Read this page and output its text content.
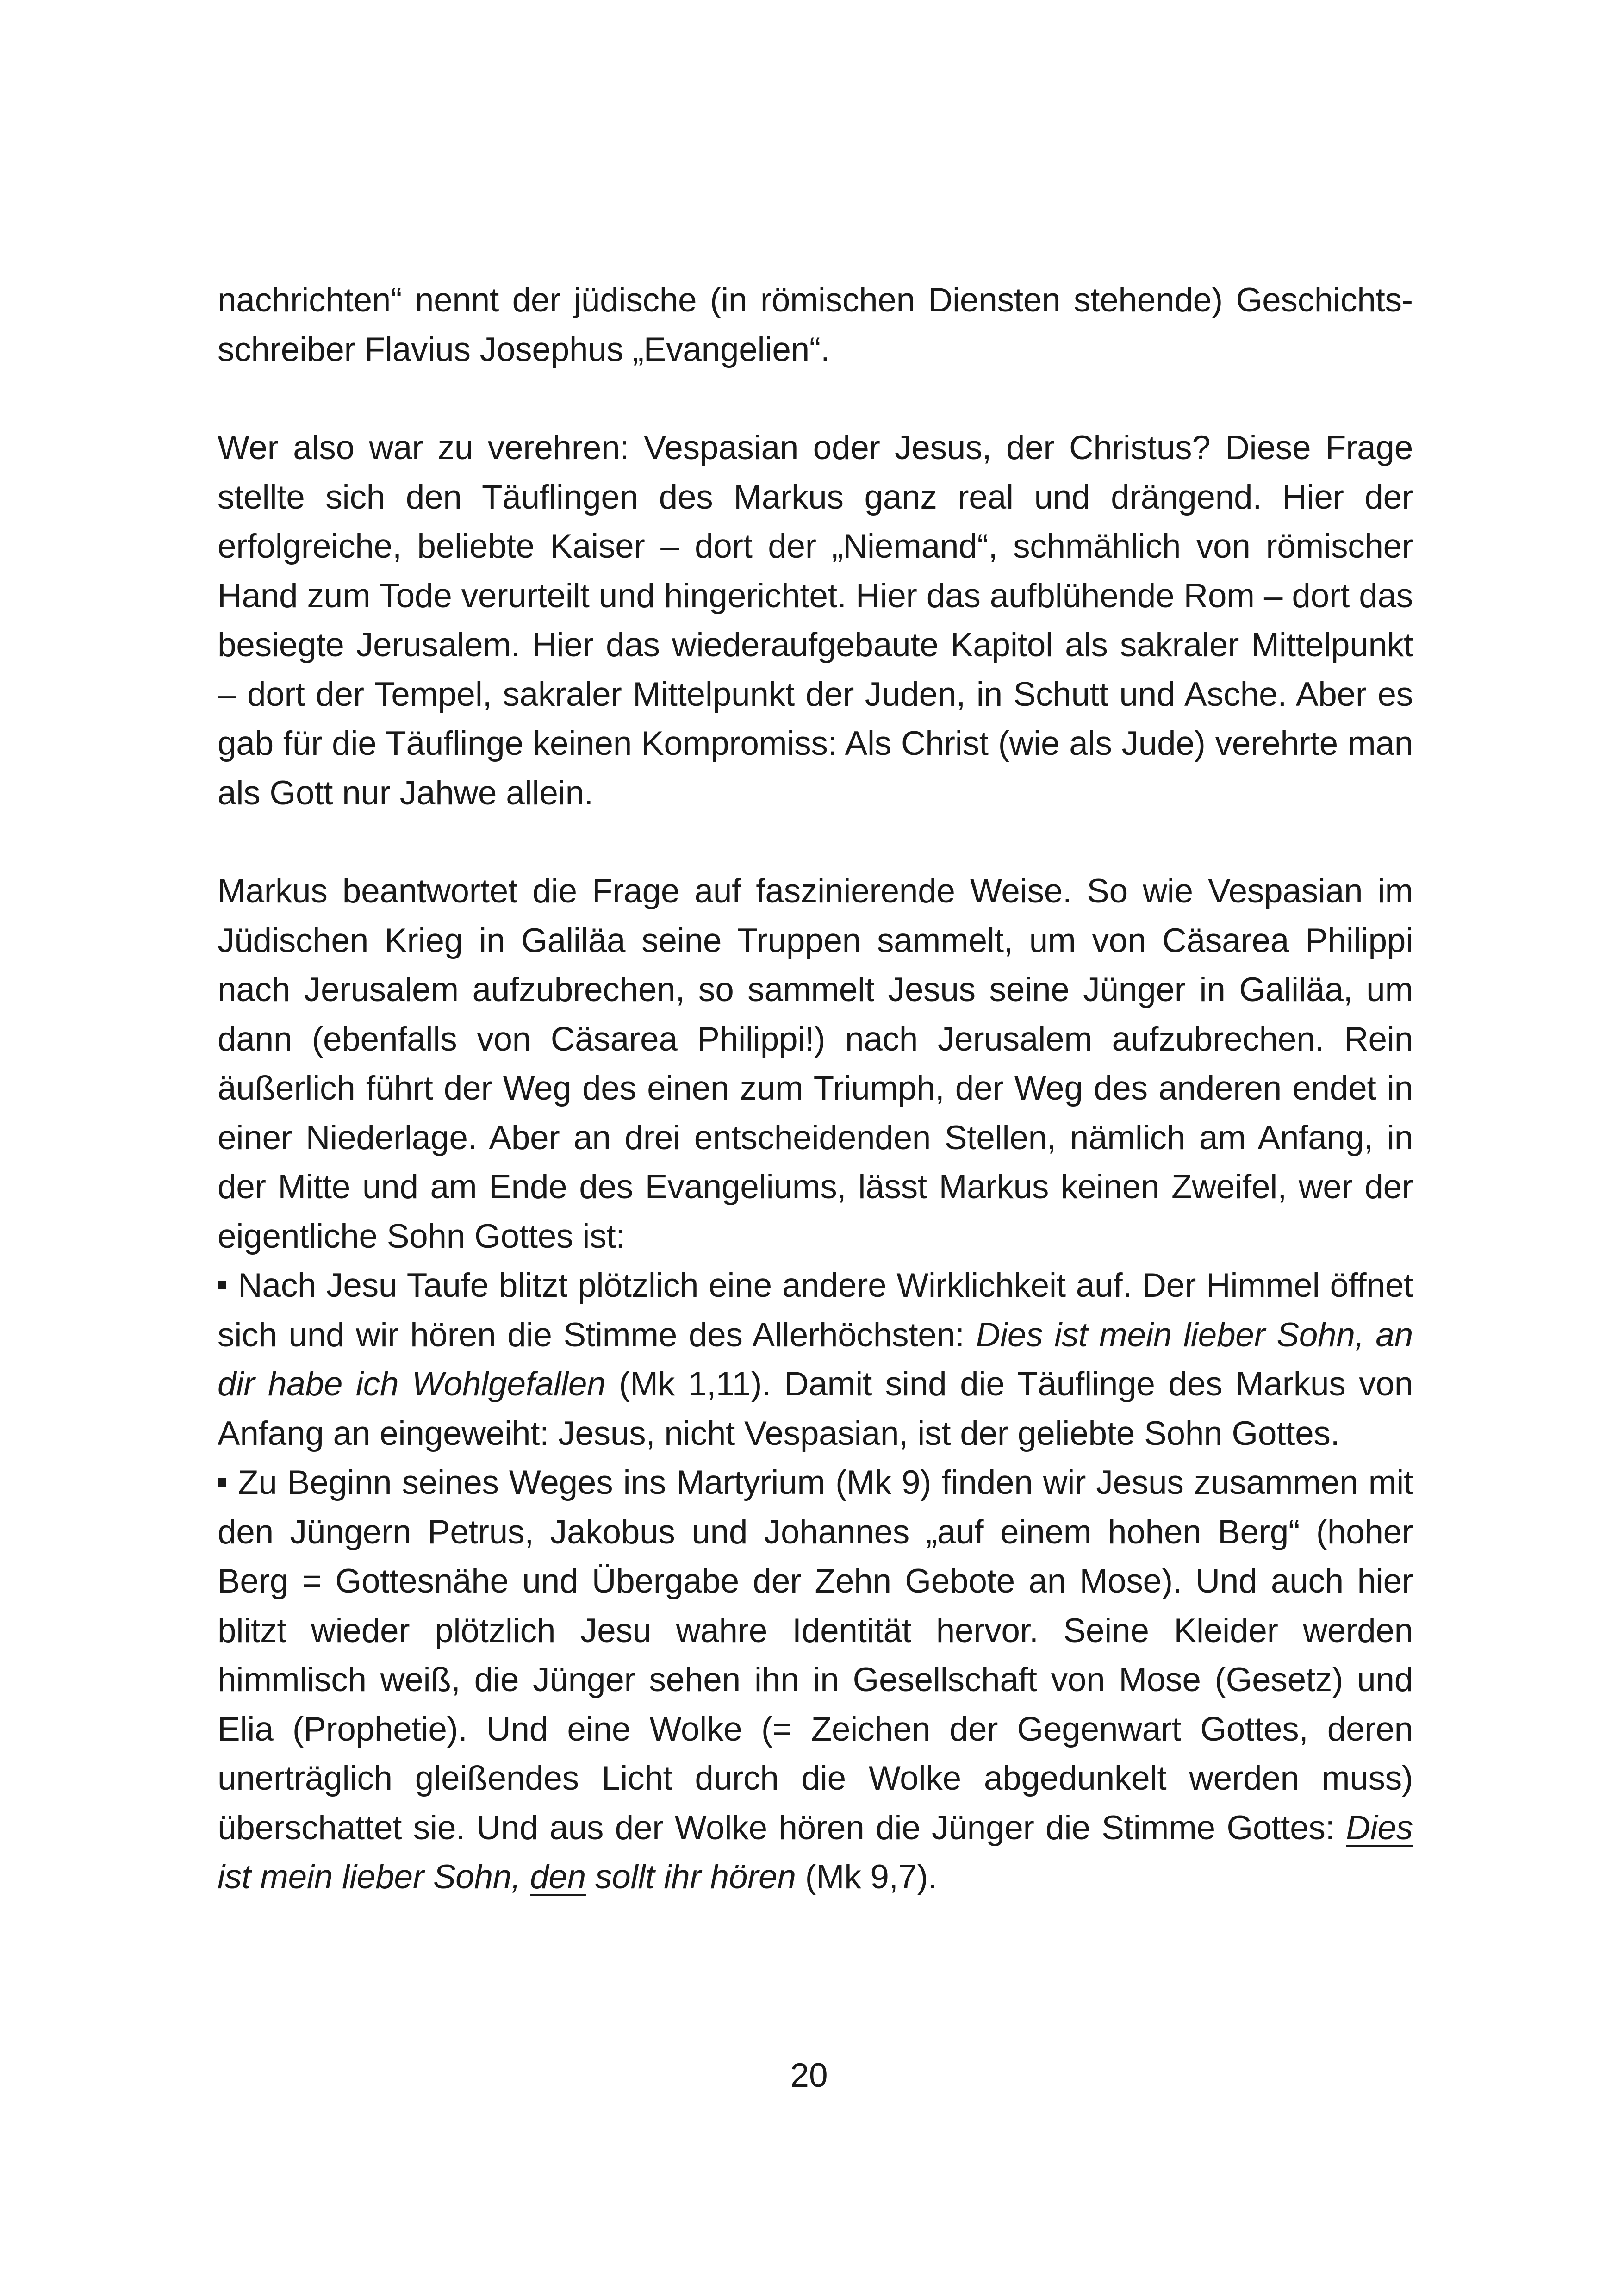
nachrichten“ nennt der jüdische (in römischen Diensten stehende) Geschichtsschreiber Flavius Josephus „Evangelien“.

Wer also war zu verehren: Vespasian oder Jesus, der Christus? Diese Frage stellte sich den Täuflingen des Markus ganz real und drängend. Hier der erfolgreiche, beliebte Kaiser – dort der „Niemand“, schmählich von römischer Hand zum Tode verurteilt und hingerichtet. Hier das aufblühende Rom – dort das besiegte Jerusalem. Hier das wiederaufgebaute Kapitol als sakraler Mittelpunkt – dort der Tempel, sakraler Mittelpunkt der Juden, in Schutt und Asche. Aber es gab für die Täuflinge keinen Kompromiss: Als Christ (wie als Jude) verehrte man als Gott nur Jahwe allein.

Markus beantwortet die Frage auf faszinierende Weise. So wie Vespasian im Jüdischen Krieg in Galiläa seine Truppen sammelt, um von Cäsarea Philippi nach Jerusalem aufzubrechen, so sammelt Jesus seine Jünger in Galiläa, um dann (ebenfalls von Cäsarea Philippi!) nach Jerusalem aufzubrechen. Rein äußerlich führt der Weg des einen zum Triumph, der Weg des anderen endet in einer Niederlage. Aber an drei entscheidenden Stellen, nämlich am Anfang, in der Mitte und am Ende des Evangeliums, lässt Markus keinen Zweifel, wer der eigentliche Sohn Gottes ist:

Nach Jesu Taufe blitzt plötzlich eine andere Wirklichkeit auf. Der Himmel öffnet sich und wir hören die Stimme des Allerhöchsten: Dies ist mein lieber Sohn, an dir habe ich Wohlgefallen (Mk 1,11). Damit sind die Täuflinge des Markus von Anfang an eingeweiht: Jesus, nicht Vespasian, ist der geliebte Sohn Gottes.

Zu Beginn seines Weges ins Martyrium (Mk 9) finden wir Jesus zusammen mit den Jüngern Petrus, Jakobus und Johannes „auf einem hohen Berg“ (hoher Berg = Gottesnähe und Übergabe der Zehn Gebote an Mose). Und auch hier blitzt wieder plötzlich Jesu wahre Identität hervor. Seine Kleider werden himmlisch weiß, die Jünger sehen ihn in Gesellschaft von Mose (Gesetz) und Elia (Prophetie). Und eine Wolke (= Zeichen der Gegenwart Gottes, deren unerträglich gleißendes Licht durch die Wolke abgedunkelt werden muss) überschattet sie. Und aus der Wolke hören die Jünger die Stimme Gottes: Dies ist mein lieber Sohn, den sollt ihr hören (Mk 9,7).

20
